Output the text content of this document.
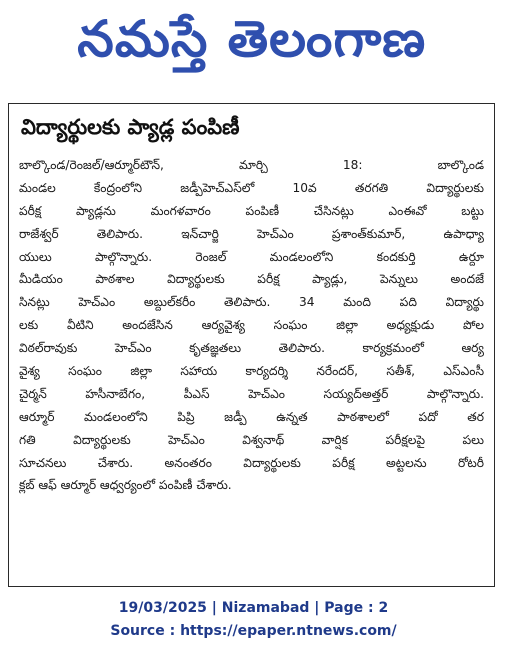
నమస్తే తెలంగాణ
విద్యార్థులకు ప్యాడ్ల పంపిణీ
బాల్కొండ/రెంజల్/ఆర్మూర్‌టౌన్, మార్చి 18: బాల్కొండ
మండల కేంద్రంలోని జడ్పీహెచ్ఎస్‌లో 10వ తరగతి విద్యార్థులకు
పరీక్ష ప్యాడ్లను మంగళవారం పంపిణీ చేసినట్లు ఎంఈవో బట్టు
రాజేశ్వర్ తెలిపారు. ఇన్‌చార్జి హెచ్ఎం ప్రశాంత్‌కుమార్, ఉపాధ్యా
యులు పాల్గొన్నారు. రెంజల్ మండలంలోని కందకుర్తి ఉర్దూ
మీడియం పాఠశాల విద్యార్థులకు పరీక్ష ప్యాడ్లు, పెన్నులు అందజే
సినట్లు హెచ్ఎం అబ్దుల్‌కరీం తెలిపారు. 34 మంది పది విద్యార్థు
లకు వీటిని అందజేసిన ఆర్యవైశ్య సంఘం జిల్లా అధ్యక్షుడు పోల
విఠల్‌రావుకు హెచ్ఎం కృతజ్ఞతలు తెలిపారు. కార్యక్రమంలో ఆర్య
వైశ్య సంఘం జిల్లా సహాయ కార్యదర్శి నరేందర్, సతీశ్, ఎస్ఎంసీ
చైర్మన్ హసీనాబేగం, పీఎస్ హెచ్ఎం సయ్యద్‌అత్తర్ పాల్గొన్నారు.
ఆర్మూర్ మండలంలోని పిప్రి జడ్పీ ఉన్నత పాఠశాలలో పదో తర
గతి విద్యార్థులకు హెచ్ఎం విశ్వనాథ్ వార్షిక పరీక్షలపై పలు
సూచనలు చేశారు. అనంతరం విద్యార్థులకు పరీక్ష అట్టలను రోటరీ
క్లబ్ ఆఫ్ ఆర్మూర్ ఆధ్వర్యంలో పంపిణీ చేశారు.
19/03/2025 | Nizamabad | Page : 2
Source : https://epaper.ntnews.com/
